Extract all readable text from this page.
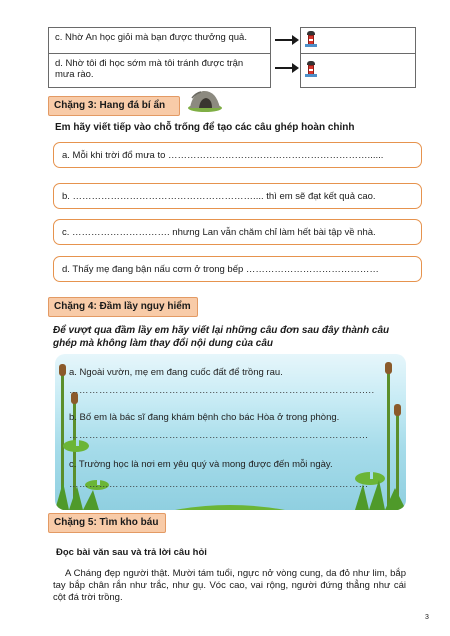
c. Nhờ An học giỏi mà bạn được thưởng quả.	

d. Nhờ tôi đi học sớm mà tôi tránh được trận mưa rào.	

Chặng 3: Hang đá bí ẩn
Em hãy viết tiếp vào chỗ trống để tạo các câu ghép hoàn chỉnh
a. Mỗi khi trời đổ mưa to ………………………………………………………......
b. ………………………………………………….... thì em sẽ đạt kết quả cao.
c. …………………………. nhưng Lan vẫn chăm chỉ làm hết bài tập về nhà.
d. Thấy mẹ đang bận nấu cơm ở trong bếp ……………………………………
Chặng 4: Đầm lầy nguy hiểm
Để vượt qua đầm lầy em hãy viết lại những câu đơn sau đây thành câu
ghép mà không làm thay đổi nội dung của câu
a. Ngoài vườn, mẹ em đang cuốc đất để trồng rau.
…………………………………………………………………………….....
b. Bố em là bác sĩ đang khám bệnh cho bác Hòa ở trong phòng.
……………………………………………………………………………...
c. Trường học là nơi em yêu quý và mong được đến mỗi ngày.
……………………………………………………………………………...
Chặng 5: Tìm kho báu
Đọc bài văn sau và trả lời câu hỏi
A Cháng đẹp người thật. Mười tám tuổi, ngực nở vòng cung, da đỏ như lim, bắp tay bắp chân rắn như trắc, như gụ. Vóc cao, vai rộng, người đứng thẳng như cái cột đá trời trồng.
3
